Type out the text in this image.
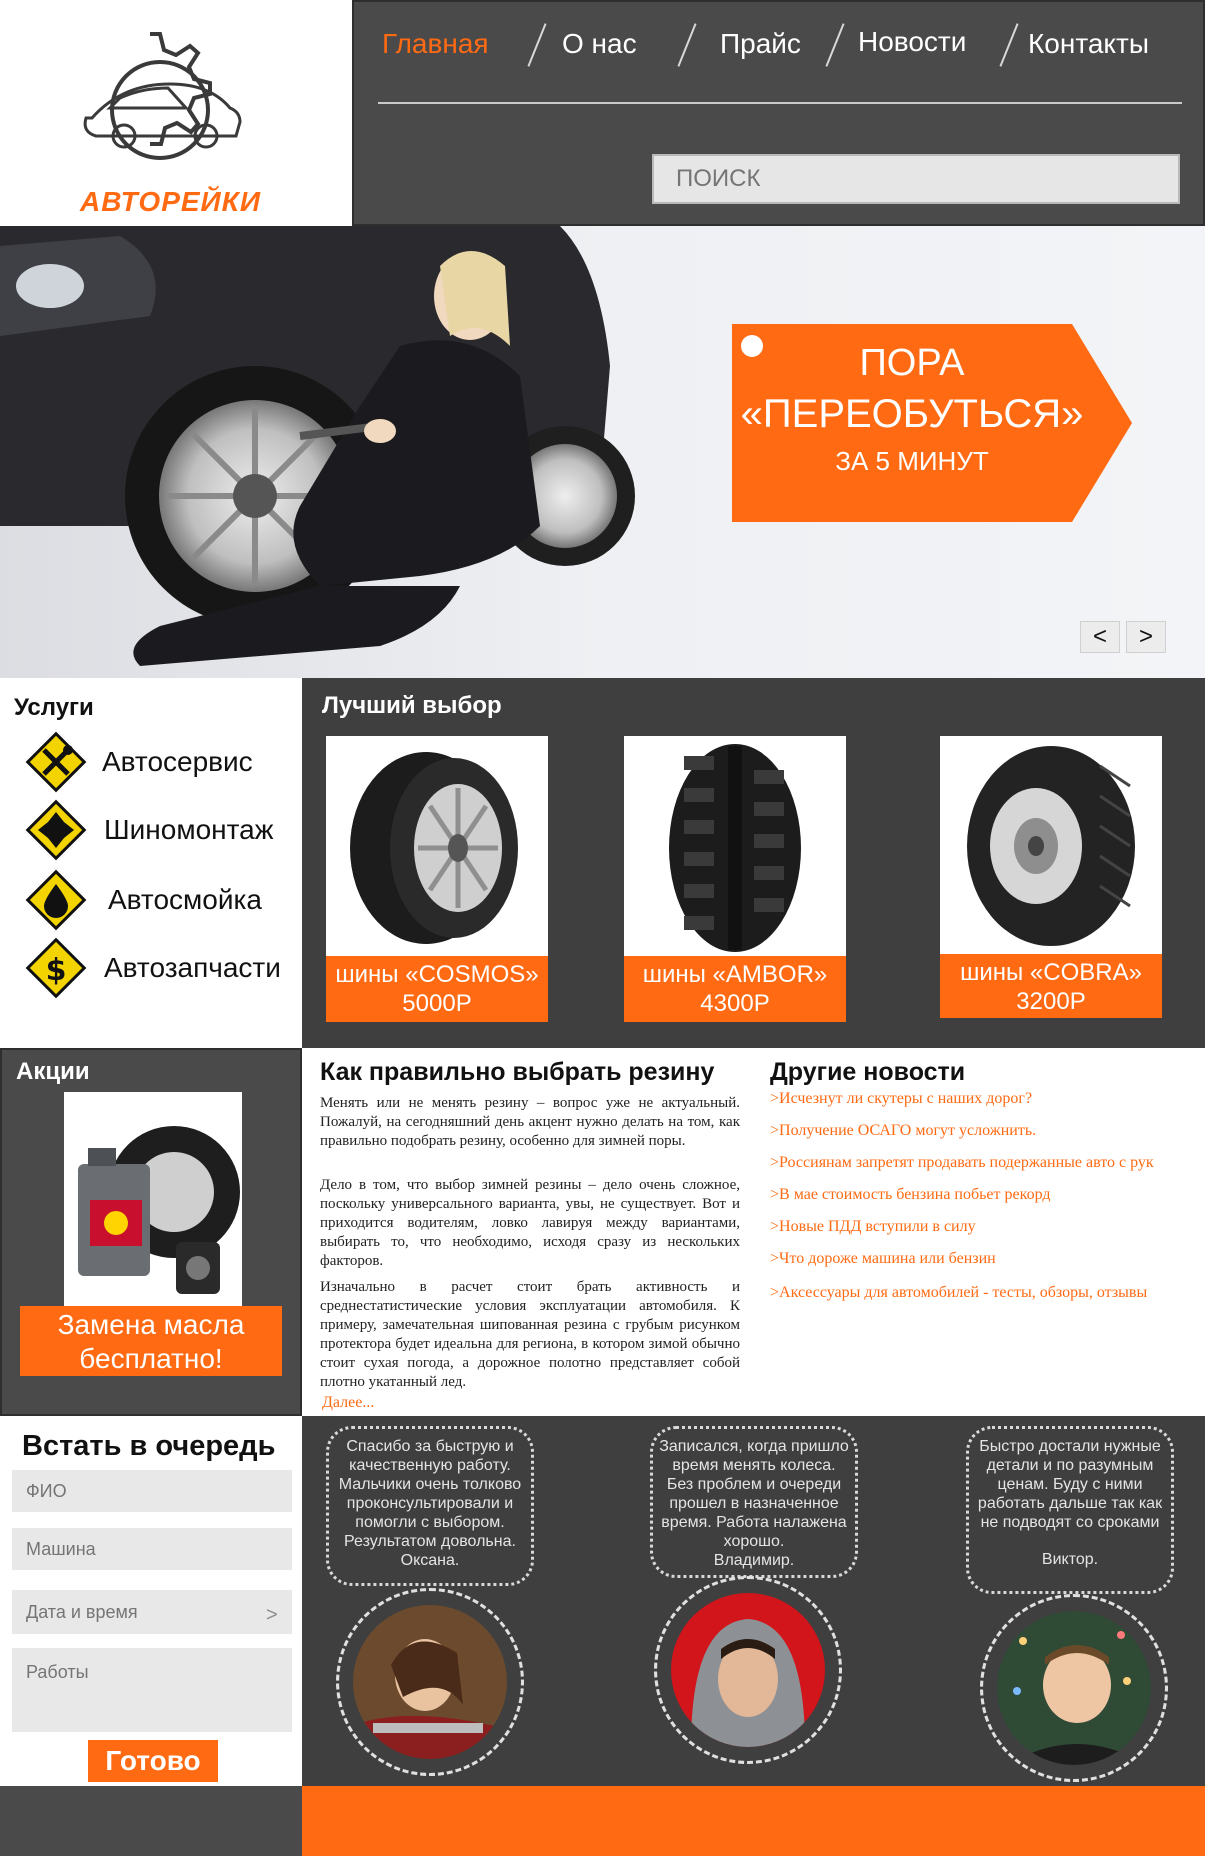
АВТОРЕЙКИ
Главная	О нас	Прайс Новости Контакты
ПОИСК
ПОРА
«ПЕРЕОБУТЬСЯ»
ЗА 5 МИНУТ
<	>
Услуги
Автосервис
Шиномонтаж
Автосмойка
$ Автозапчасти
Лучший выбор
шины «COSMOS»
5000Р
шины «AMBOR»
4300Р
шины «COBRA»
3200Р
Акции
Замена масла
бесплатно!
Как правильно выбрать резину

Менять или не менять резину – вопрос уже не актуальный. Пожалуй, на сегодняшний день акцент нужно делать на том, как правильно подобрать резину, особенно для зимней поры.

Дело в том, что выбор зимней резины – дело очень сложное, поскольку универсального варианта, увы, не существует. Вот и приходится водителям, ловко лавируя между вариантами, выбирать то, что необходимо, исходя сразу из нескольких факторов.

Изначально в расчет стоит брать активность и среднестатистические условия эксплуатации автомобиля. К примеру, замечательная шипованная резина с грубым рисунком протектора будет идеальна для региона, в котором зимой обычно стоит сухая погода, а дорожное полотно представляет собой плотно укатанный лед.

Далее...
Другие новости
>Исчезнут ли скутеры с наших дорог?
>Получение ОСАГО могут усложнить.
>Россиянам запретят продавать подержанные авто с рук
>В мае стоимость бензина побьет рекорд
>Новые ПДД вступили в силу
>Что дороже машина или бензин
>Аксессуары для автомобилей - тесты, обзоры, отзывы
Встать в очередь
ФИО
Машина
Дата и время
>
Работы
Готово
Спасибо за быструю и качественную работу. Мальчики очень толково проконсультировали и помогли с выбором. Результатом довольна.
Оксана.
Записался, когда пришло время менять колеса. Без проблем и очереди прошел в назначенное время. Работа налажена хорошо.
Владимир.
Быстро достали нужные детали и по разумным ценам. Буду с ними работать дальше так как не подводят со сроками
Виктор.
